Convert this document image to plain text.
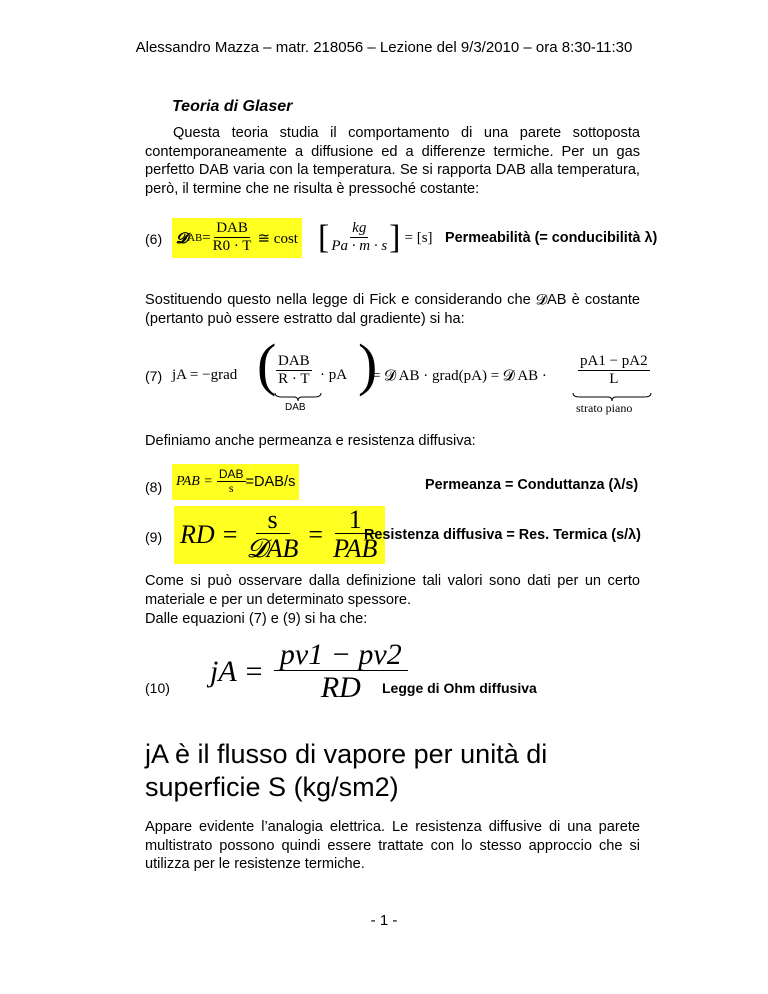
Alessandro Mazza – matr. 218056 – Lezione del 9/3/2010 – ora 8:30-11:30
Teoria di Glaser
Questa teoria studia il comportamento di una parete sottoposta contemporaneamente a diffusione ed a differenze termiche. Per un gas perfetto DAB varia con la temperatura. Se si rapporta DAB alla temperatura, però, il termine che ne risulta è pressoché costante:
(6) 𝓓 AB = $\frac{\text{DAB}}{R0 \cdot T}$ ≅ cost [ $\frac{kg}{Pa \cdot m \cdot s}$ ] = [s] Permeabilità (= conducibilità λ)
Sostituendo questo nella legge di Fick e considerando che 𝓓AB è costante (pertanto può essere estratto dal gradiente) si ha:
(7) jA = −grad ( DAB
R · T · pA )
= 𝓓 AB · grad(pA) = 𝓓 AB · $\frac{pA1 - pA2}{L}$
DAB	strato piano
Definiamo anche permeanza e resistenza diffusiva:
(8) PAB = $\frac{\text{DAB}}{s} =DAB/s$	Permeanza = Conduttanza (λ/s)
(9) RD = $\frac{s}{\text{𝓓AB}} = \frac{1}{\text{PAB}}$
Resistenza diffusiva = Res. Termica (s/λ)
Come si può osservare dalla definizione tali valori sono dati per un certo materiale e per un determinato spessore.
Dalle equazioni (7) e (9) si ha che:
(10) jA = $\frac{pv1 - pv2}{RD}$
Legge di Ohm diffusiva
jA è il flusso di vapore per unità di superficie S (kg/sm2)
Appare evidente l’analogia elettrica. Le resistenza diffusive di una parete multistrato possono quindi essere trattate con lo stesso approccio che si utilizza per le resistenze termiche.
- 1 -
